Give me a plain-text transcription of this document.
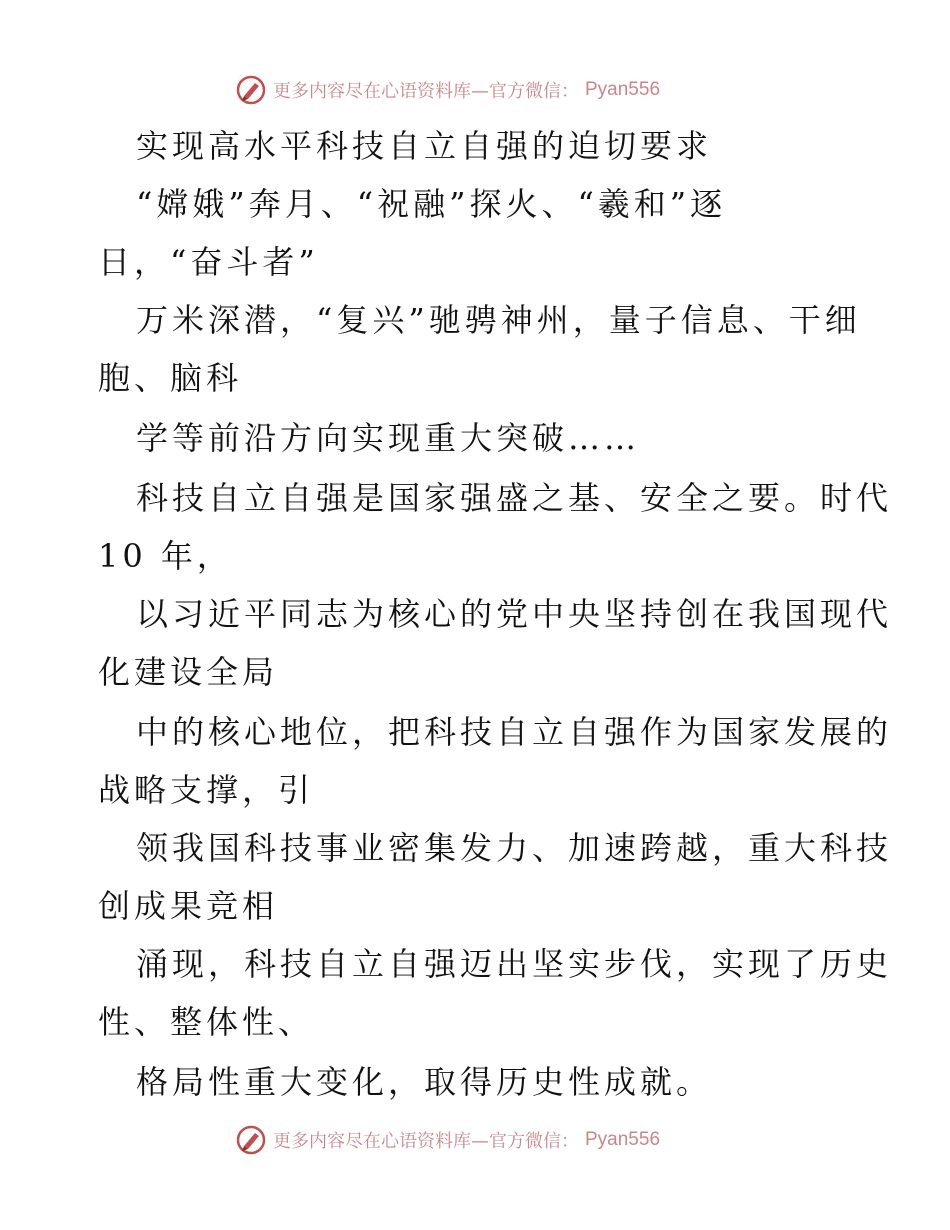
更多内容尽在心语资料库—官方微信： Pyan556
实现高水平科技自立自强的迫切要求
“嫦娥”奔月、“祝融”探火、“羲和”逐
日，“奋斗者”
万米深潜，“复兴”驰骋神州，量子信息、干细
胞、脑科
学等前沿方向实现重大突破……
科技自立自强是国家强盛之基、安全之要。时代
10 年，
以习近平同志为核心的党中央坚持创在我国现代
化建设全局
中的核心地位，把科技自立自强作为国家发展的
战略支撑，引
领我国科技事业密集发力、加速跨越，重大科技
创成果竞相
涌现，科技自立自强迈出坚实步伐，实现了历史
性、整体性、
格局性重大变化，取得历史性成就。
更多内容尽在心语资料库—官方微信： Pyan556
